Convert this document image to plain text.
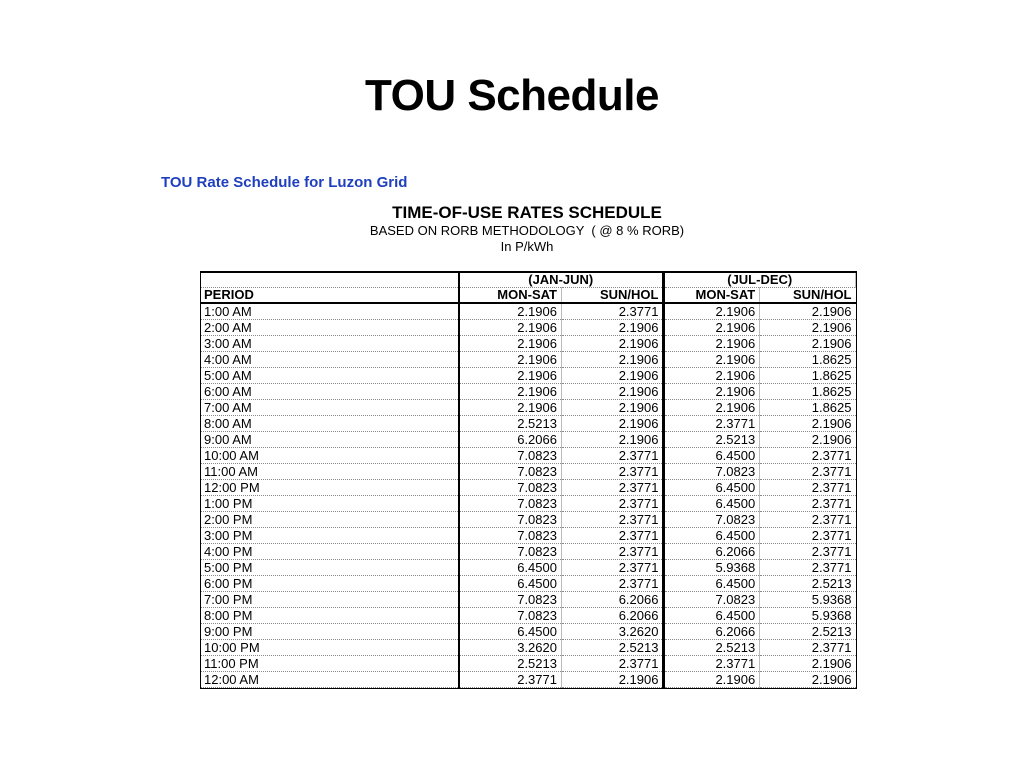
TOU Schedule
TOU Rate Schedule for Luzon Grid
TIME-OF-USE RATES SCHEDULE
BASED ON RORB METHODOLOGY  ( @ 8 % RORB)
In P/kWh
	(JAN-JUN)		(JUL-DEC)	
PERIOD	MON-SAT	SUN/HOL	MON-SAT	SUN/HOL
1:00 AM	2.1906	2.3771	2.1906	2.1906
2:00 AM	2.1906	2.1906	2.1906	2.1906
3:00 AM	2.1906	2.1906	2.1906	2.1906
4:00 AM	2.1906	2.1906	2.1906	1.8625
5:00 AM	2.1906	2.1906	2.1906	1.8625
6:00 AM	2.1906	2.1906	2.1906	1.8625
7:00 AM	2.1906	2.1906	2.1906	1.8625
8:00 AM	2.5213	2.1906	2.3771	2.1906
9:00 AM	6.2066	2.1906	2.5213	2.1906
10:00 AM	7.0823	2.3771	6.4500	2.3771
11:00 AM	7.0823	2.3771	7.0823	2.3771
12:00 PM	7.0823	2.3771	6.4500	2.3771
1:00 PM	7.0823	2.3771	6.4500	2.3771
2:00 PM	7.0823	2.3771	7.0823	2.3771
3:00 PM	7.0823	2.3771	6.4500	2.3771
4:00 PM	7.0823	2.3771	6.2066	2.3771
5:00 PM	6.4500	2.3771	5.9368	2.3771
6:00 PM	6.4500	2.3771	6.4500	2.5213
7:00 PM	7.0823	6.2066	7.0823	5.9368
8:00 PM	7.0823	6.2066	6.4500	5.9368
9:00 PM	6.4500	3.2620	6.2066	2.5213
10:00 PM	3.2620	2.5213	2.5213	2.3771
11:00 PM	2.5213	2.3771	2.3771	2.1906
12:00 AM	2.3771	2.1906	2.1906	2.1906
